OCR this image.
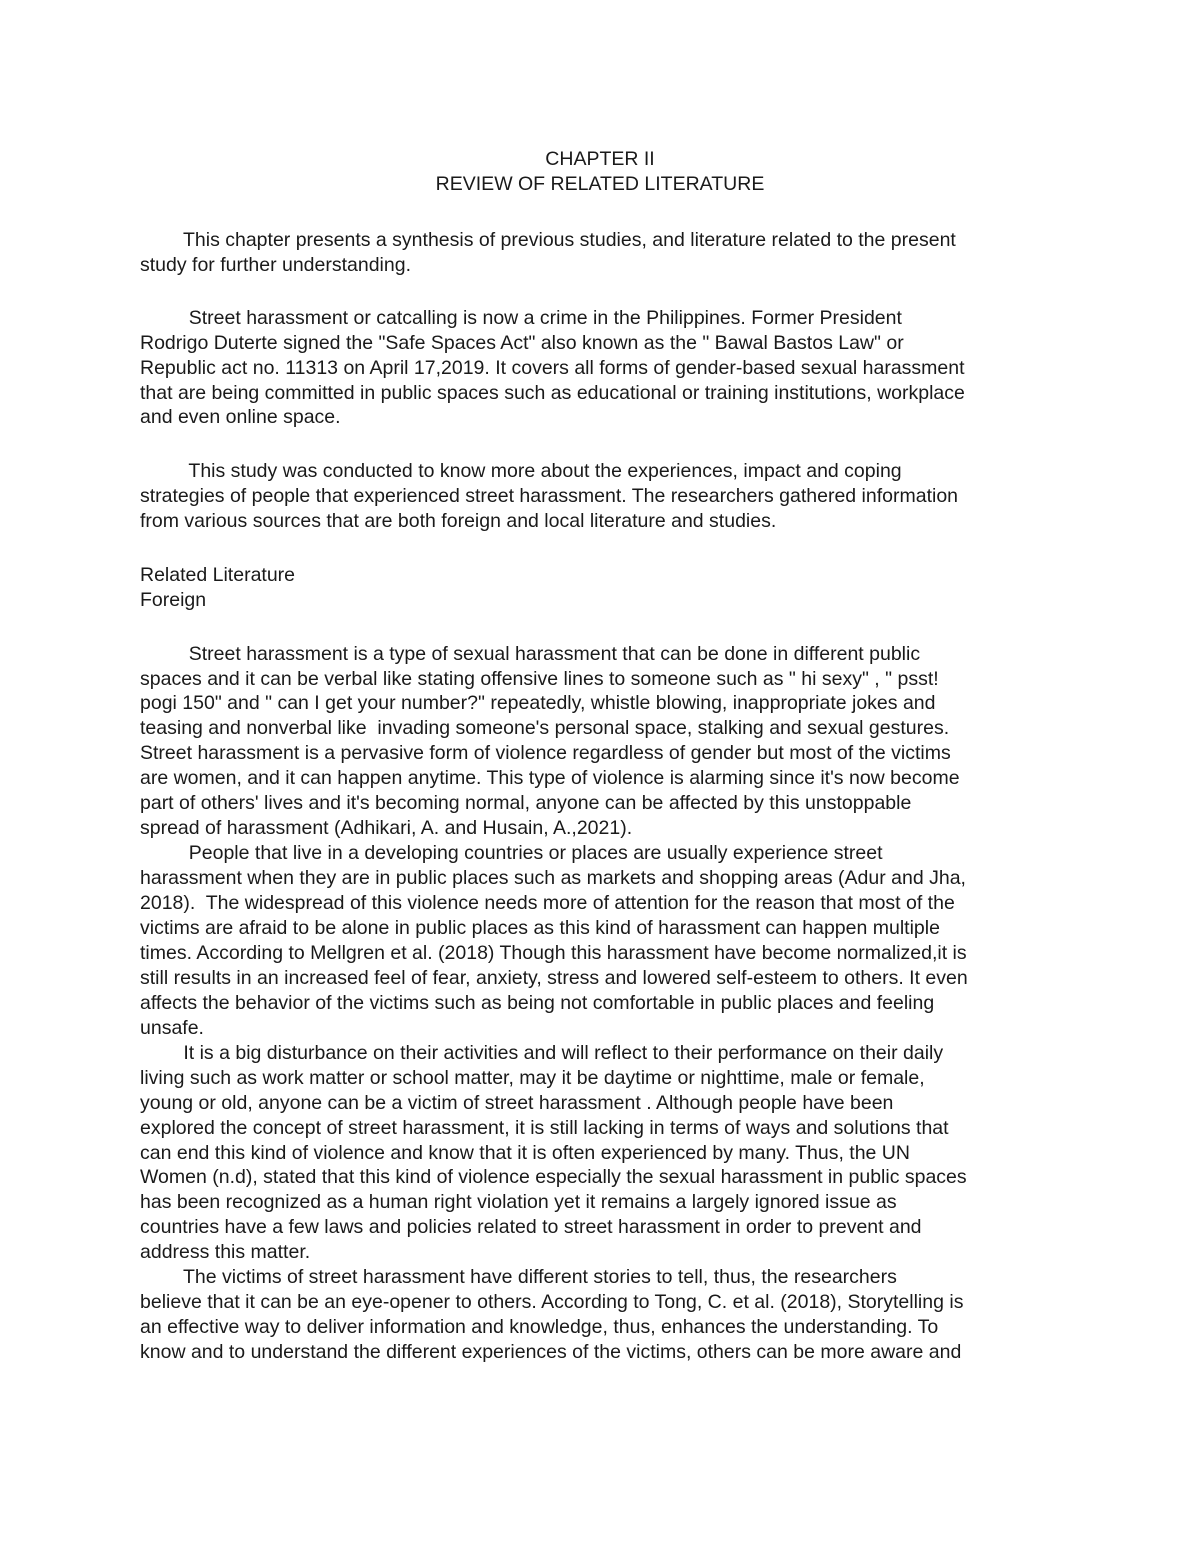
CHAPTER II
REVIEW OF RELATED LITERATURE
This chapter presents a synthesis of previous studies, and literature related to the present
study for further understanding.
Street harassment or catcalling is now a crime in the Philippines. Former President
Rodrigo Duterte signed the "Safe Spaces Act" also known as the " Bawal Bastos Law" or
Republic act no. 11313 on April 17,2019. It covers all forms of gender-based sexual harassment
that are being committed in public spaces such as educational or training institutions, workplace
and even online space.
This study was conducted to know more about the experiences, impact and coping
strategies of people that experienced street harassment. The researchers gathered information
from various sources that are both foreign and local literature and studies.
Related Literature
Foreign
Street harassment is a type of sexual harassment that can be done in different public
spaces and it can be verbal like stating offensive lines to someone such as " hi sexy" , " psst!
pogi 150" and " can I get your number?" repeatedly, whistle blowing, inappropriate jokes and
teasing and nonverbal like  invading someone's personal space, stalking and sexual gestures.
Street harassment is a pervasive form of violence regardless of gender but most of the victims
are women, and it can happen anytime. This type of violence is alarming since it's now become
part of others' lives and it's becoming normal, anyone can be affected by this unstoppable
spread of harassment (Adhikari, A. and Husain, A.,2021).
People that live in a developing countries or places are usually experience street
harassment when they are in public places such as markets and shopping areas (Adur and Jha,
2018).  The widespread of this violence needs more of attention for the reason that most of the
victims are afraid to be alone in public places as this kind of harassment can happen multiple
times. According to Mellgren et al. (2018) Though this harassment have become normalized,it is
still results in an increased feel of fear, anxiety, stress and lowered self-esteem to others. It even
affects the behavior of the victims such as being not comfortable in public places and feeling
unsafe.
It is a big disturbance on their activities and will reflect to their performance on their daily
living such as work matter or school matter, may it be daytime or nighttime, male or female,
young or old, anyone can be a victim of street harassment . Although people have been
explored the concept of street harassment, it is still lacking in terms of ways and solutions that
can end this kind of violence and know that it is often experienced by many. Thus, the UN
Women (n.d), stated that this kind of violence especially the sexual harassment in public spaces
has been recognized as a human right violation yet it remains a largely ignored issue as
countries have a few laws and policies related to street harassment in order to prevent and
address this matter.
The victims of street harassment have different stories to tell, thus, the researchers
believe that it can be an eye-opener to others. According to Tong, C. et al. (2018), Storytelling is
an effective way to deliver information and knowledge, thus, enhances the understanding. To
know and to understand the different experiences of the victims, others can be more aware and
